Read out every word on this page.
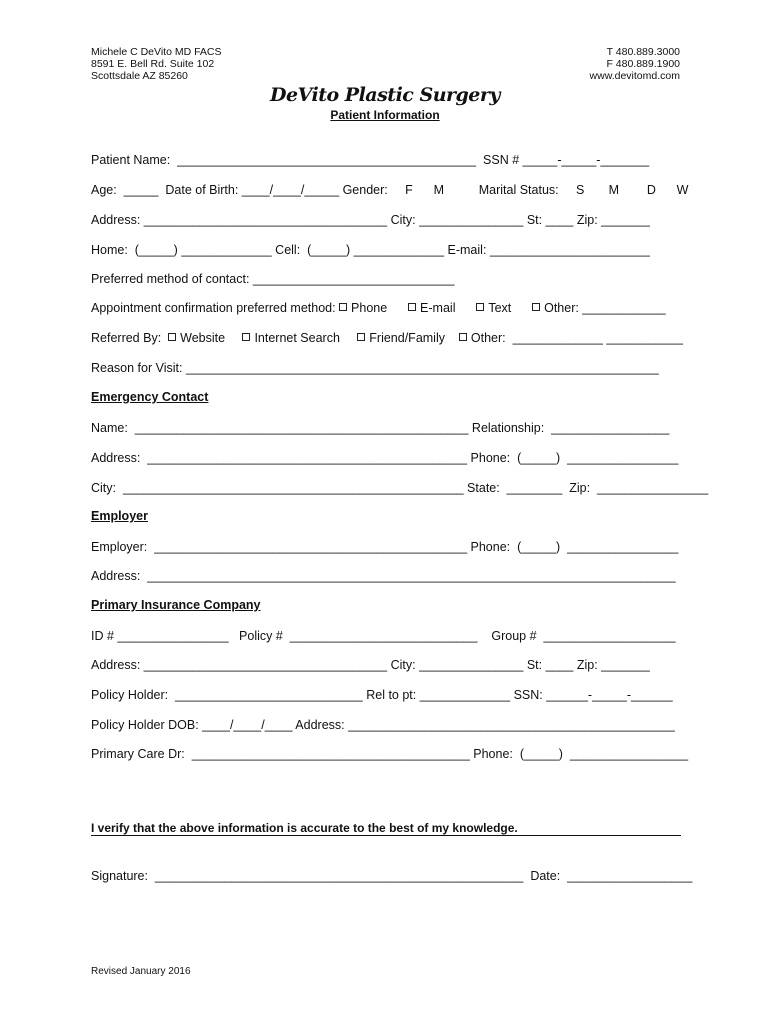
Michele C DeVito MD FACS
8591 E. Bell Rd. Suite 102
Scottsdale AZ 85260
T 480.889.3000
F 480.889.1900
www.devitomd.com
DeVito Plastic Surgery
Patient Information
Patient Name:  ___________________________________________  SSN # _____-_____-_______
Age:  _____  Date of Birth: ____/____/_____ Gender:     F      M          Marital Status:     S       M        D      W
Address: ___________________________________ City: _______________ St: ____ Zip: _______
Home:  (_____) _____________ Cell:  (_____) _____________ E-mail: _______________________
Preferred method of contact: _____________________________
Appointment confirmation preferred method: Phone	E-mail	Text	Other: ____________
Referred By:  Website Internet Search Friend/Family Other:  _____________ ___________
Reason for Visit: ____________________________________________________________________
Emergency Contact
Name:  ________________________________________________ Relationship:  _________________
Address:  ______________________________________________ Phone:  (_____)  ________________
City:  _________________________________________________ State:  ________  Zip:  ________________
Employer
Employer:  _____________________________________________ Phone:  (_____)  ________________
Address:  ____________________________________________________________________________
Primary Insurance Company
ID # ________________   Policy #  ___________________________    Group #  ___________________
Address: ___________________________________ City: _______________ St: ____ Zip: _______
Policy Holder:  ___________________________ Rel to pt: _____________ SSN: ______-_____-______
Policy Holder DOB: ____/____/____ Address: _______________________________________________
Primary Care Dr:  ________________________________________ Phone:  (_____)  _________________
I verify that the above information is accurate to the best of my knowledge.
Signature:  _____________________________________________________  Date:  __________________
Revised January 2016
